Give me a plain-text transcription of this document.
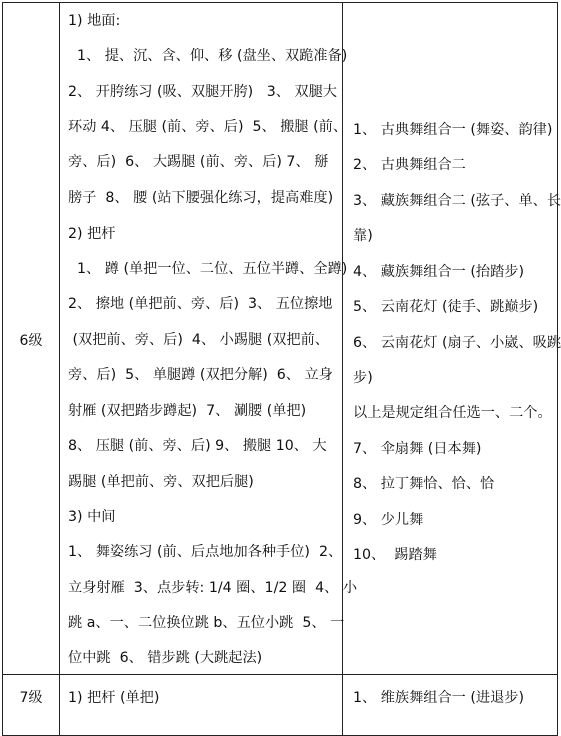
6级
1) 地面:
1、 提、沉、含、仰、移 (盘坐、双跪准备)
2、 开胯练习 (吸、双腿开胯)   3、 双腿大
环动 4、 压腿 (前、旁、后)  5、 搬腿 (前、
旁、后)  6、 大踢腿 (前、旁、后) 7、 掰
膀子  8、 腰 (站下腰强化练习，提高难度)
2) 把杆
1、 蹲 (单把一位、二位、五位半蹲、全蹲)
2、 擦地 (单把前、旁、后)  3、 五位擦地
(双把前、旁、后)  4、 小踢腿 (双把前、
旁、后)  5、 单腿蹲 (双把分解)  6、 立身
射雁 (双把踏步蹲起)  7、 涮腰 (单把)
8、 压腿 (前、旁、后) 9、 搬腿 10、 大
踢腿 (单把前、旁、双把后腿)
3) 中间
1、 舞姿练习 (前、后点地加各种手位)  2、
立身射雁  3、点步转: 1/4 圈、1/2 圈  4、 小
跳 a、一、二位换位跳 b、五位小跳  5、 一
位中跳  6、 错步跳 (大跳起法)
1、 古典舞组合一 (舞姿、韵律)
2、 古典舞组合二
3、 藏族舞组合二 (弦子、单、长
靠)
4、 藏族舞组合一 (抬踏步)
5、 云南花灯 (徒手、跳巅步)
6、 云南花灯 (扇子、小崴、吸跳
步)
以上是规定组合任选一、二个。
7、 伞扇舞 (日本舞)
8、 拉丁舞恰、恰、恰
9、 少儿舞
10、  踢踏舞
7级	1) 把杆 (单把)	1、 维族舞组合一 (进退步)
